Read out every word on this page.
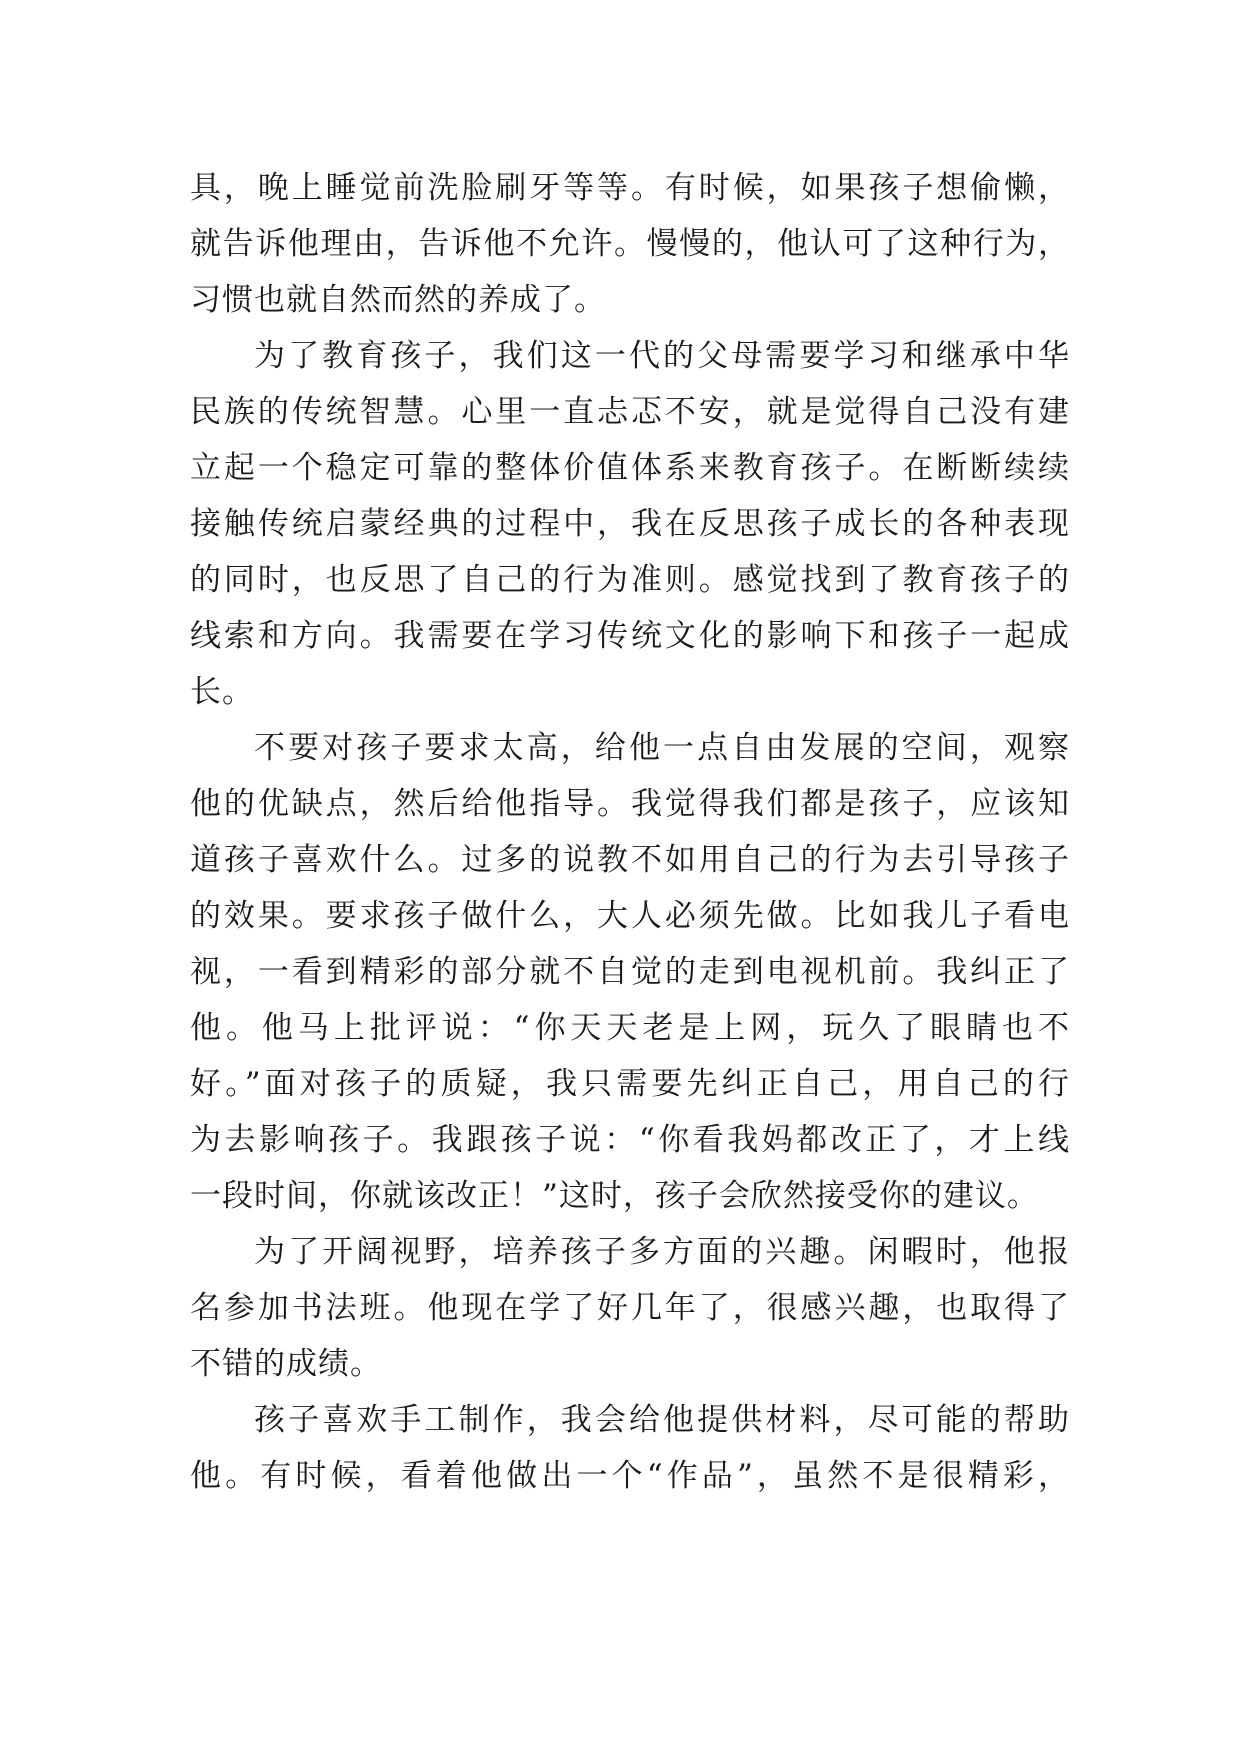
具，晚上睡觉前洗脸刷牙等等。有时候，如果孩子想偷懒，
就告诉他理由，告诉他不允许。慢慢的，他认可了这种行为，
习惯也就自然而然的养成了。
为了教育孩子，我们这一代的父母需要学习和继承中华
民族的传统智慧。心里一直忐忑不安，就是觉得自己没有建
立起一个稳定可靠的整体价值体系来教育孩子。在断断续续
接触传统启蒙经典的过程中，我在反思孩子成长的各种表现
的同时，也反思了自己的行为准则。感觉找到了教育孩子的
线索和方向。我需要在学习传统文化的影响下和孩子一起成
长。
不要对孩子要求太高，给他一点自由发展的空间，观察
他的优缺点，然后给他指导。我觉得我们都是孩子，应该知
道孩子喜欢什么。过多的说教不如用自己的行为去引导孩子
的效果。要求孩子做什么，大人必须先做。比如我儿子看电
视，一看到精彩的部分就不自觉的走到电视机前。我纠正了
他。他马上批评说：“你天天老是上网，玩久了眼睛也不
好。”面对孩子的质疑，我只需要先纠正自己，用自己的行
为去影响孩子。我跟孩子说：“你看我妈都改正了，才上线
一段时间，你就该改正！”这时，孩子会欣然接受你的建议。
为了开阔视野，培养孩子多方面的兴趣。闲暇时，他报
名参加书法班。他现在学了好几年了，很感兴趣，也取得了
不错的成绩。
孩子喜欢手工制作，我会给他提供材料，尽可能的帮助
他。有时候，看着他做出一个“作品”，虽然不是很精彩，
